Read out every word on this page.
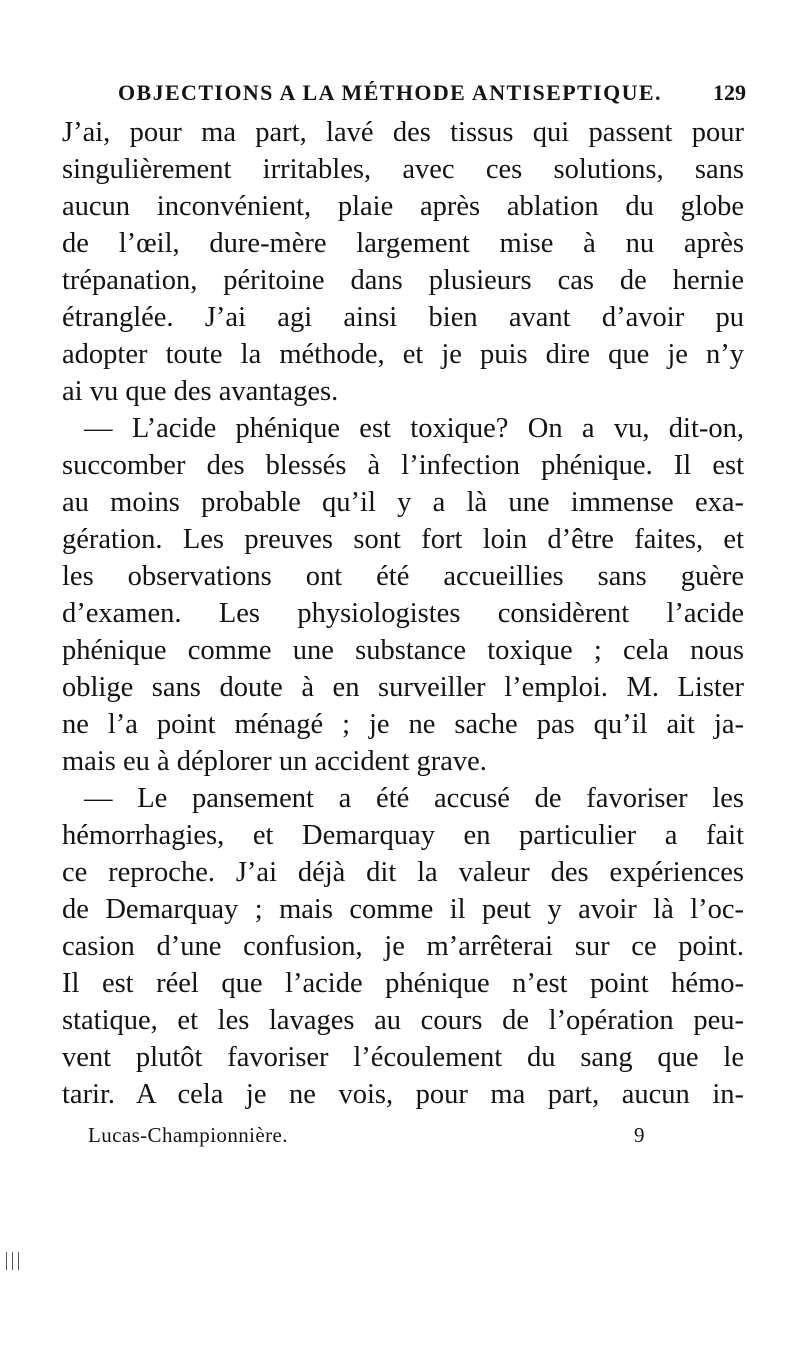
OBJECTIONS A LA MÉTHODE ANTISEPTIQUE. 129
J’ai, pour ma part, lavé des tissus qui passent pour
singulièrement irritables, avec ces solutions, sans
aucun inconvénient, plaie après ablation du globe
de l’œil, dure-mère largement mise à nu après
trépanation, péritoine dans plusieurs cas de hernie
étranglée. J’ai agi ainsi bien avant d’avoir pu
adopter toute la méthode, et je puis dire que je n’y
ai vu que des avantages.
— L’acide phénique est toxique? On a vu, dit-on,
succomber des blessés à l’infection phénique. Il est
au moins probable qu’il y a là une immense exa-
gération. Les preuves sont fort loin d’être faites, et
les observations ont été accueillies sans guère
d’examen. Les physiologistes considèrent l’acide
phénique comme une substance toxique ; cela nous
oblige sans doute à en surveiller l’emploi. M. Lister
ne l’a point ménagé ; je ne sache pas qu’il ait ja-
mais eu à déplorer un accident grave.
— Le pansement a été accusé de favoriser les
hémorrhagies, et Demarquay en particulier a fait
ce reproche. J’ai déjà dit la valeur des expériences
de Demarquay ; mais comme il peut y avoir là l’oc-
casion d’une confusion, je m’arrêterai sur ce point.
Il est réel que l’acide phénique n’est point hémo-
statique, et les lavages au cours de l’opération peu-
vent plutôt favoriser l’écoulement du sang que le
tarir. A cela je ne vois, pour ma part, aucun in-
Lucas-Championnière.	9
